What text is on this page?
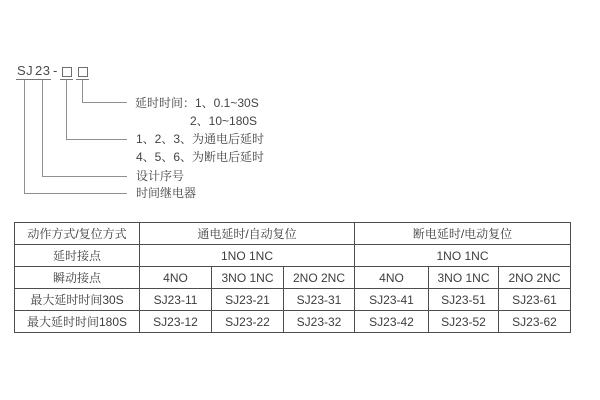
SJ 23 -
延时时间：1、0.1~30S
2、10~180S
1、2、3、为通电后延时
4、5、6、为断电后延时
设计序号
时间继电器
动作方式/复位方式	通电延时/自动复位			断电延时/电动复位		
延时接点	1NO 1NC			1NO 1NC		
瞬动接点	4NO	3NO 1NC	2NO 2NC	4NO	3NO 1NC	2NO 2NC
最大延时时间30S	SJ23-11	SJ23-21	SJ23-31	SJ23-41	SJ23-51	SJ23-61
最大延时时间180S	SJ23-12	SJ23-22	SJ23-32	SJ23-42	SJ23-52	SJ23-62
